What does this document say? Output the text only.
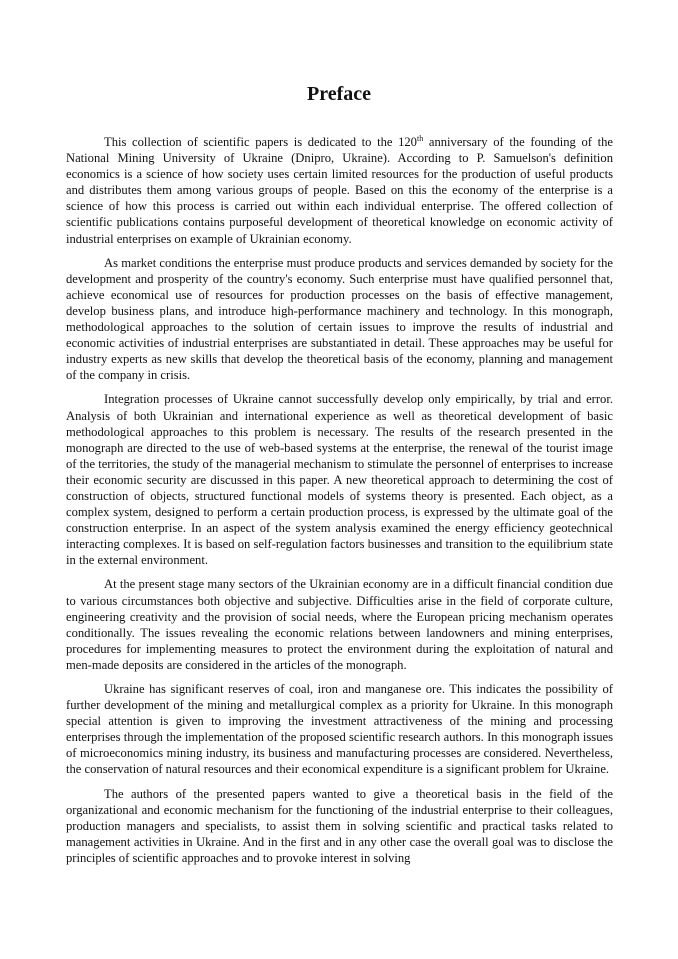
Preface

This collection of scientific papers is dedicated to the 120th anniversary of the founding of the National Mining University of Ukraine (Dnipro, Ukraine). According to P. Samuelson's definition economics is a science of how society uses certain limited resources for the production of useful products and distributes them among various groups of people. Based on this the economy of the enterprise is a science of how this process is carried out within each individual enterprise. The offered collection of scientific publications contains purposeful development of theoretical knowledge on economic activity of industrial enterprises on example of Ukrainian economy.

As market conditions the enterprise must produce products and services demanded by society for the development and prosperity of the country's economy. Such enterprise must have qualified personnel that, achieve economical use of resources for production processes on the basis of effective management, develop business plans, and introduce high-performance machinery and technology. In this monograph, methodological approaches to the solution of certain issues to improve the results of industrial and economic activities of industrial enterprises are substantiated in detail. These approaches may be useful for industry experts as new skills that develop the theoretical basis of the economy, planning and management of the company in crisis.

Integration processes of Ukraine cannot successfully develop only empirically, by trial and error. Analysis of both Ukrainian and international experience as well as theoretical development of basic methodological approaches to this problem is necessary. The results of the research presented in the monograph are directed to the use of web-based systems at the enterprise, the renewal of the tourist image of the territories, the study of the managerial mechanism to stimulate the personnel of enterprises to increase their economic security are discussed in this paper. A new theoretical approach to determining the cost of construction of objects, structured functional models of systems theory is presented. Each object, as a complex system, designed to perform a certain production process, is expressed by the ultimate goal of the construction enterprise. In an aspect of the system analysis examined the energy efficiency geotechnical interacting complexes. It is based on self-regulation factors businesses and transition to the equilibrium state in the external environment.

At the present stage many sectors of the Ukrainian economy are in a difficult financial condition due to various circumstances both objective and subjective. Difficulties arise in the field of corporate culture, engineering creativity and the provision of social needs, where the European pricing mechanism operates conditionally. The issues revealing the economic relations between landowners and mining enterprises, procedures for implementing measures to protect the environment during the exploitation of natural and men-made deposits are considered in the articles of the monograph.

Ukraine has significant reserves of coal, iron and manganese ore. This indicates the possibility of further development of the mining and metallurgical complex as a priority for Ukraine. In this monograph special attention is given to improving the investment attractiveness of the mining and processing enterprises through the implementation of the proposed scientific research authors. In this monograph issues of microeconomics mining industry, its business and manufacturing processes are considered. Nevertheless, the conservation of natural resources and their economical expenditure is a significant problem for Ukraine.

The authors of the presented papers wanted to give a theoretical basis in the field of the organizational and economic mechanism for the functioning of the industrial enterprise to their colleagues, production managers and specialists, to assist them in solving scientific and practical tasks related to management activities in Ukraine. And in the first and in any other case the overall goal was to disclose the principles of scientific approaches and to provoke interest in solving
